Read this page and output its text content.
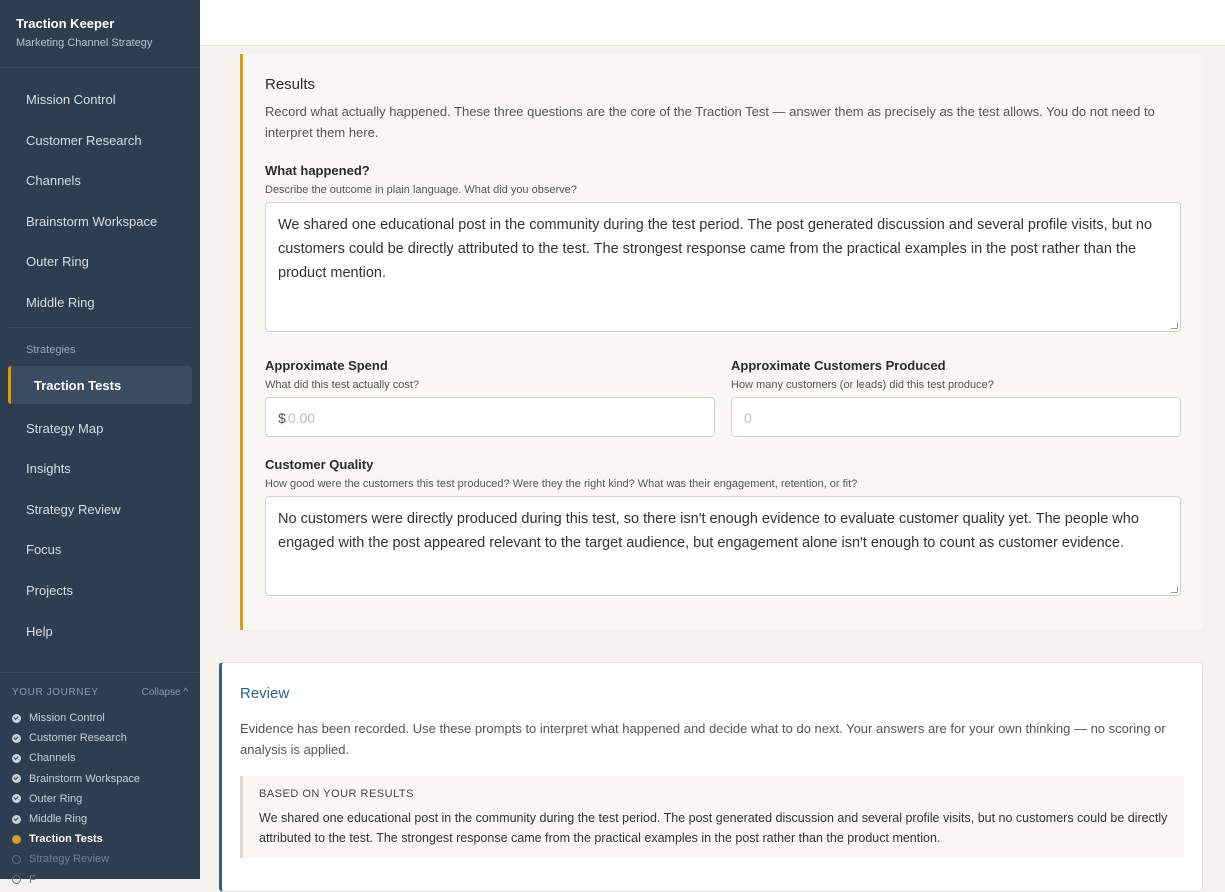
Traction Keeper
Marketing Channel Strategy
Mission Control
Customer Research
Channels
Brainstorm Workspace
Outer Ring
Middle Ring
Strategies
Traction Tests
Strategy Map
Insights
Strategy Review
Focus
Projects
Help
YOUR JOURNEY	Collapse ^
Mission Control
Customer Research
Channels
Brainstorm Workspace
Outer Ring
Middle Ring
Traction Tests
Strategy Review
F
Results
Record what actually happened. These three questions are the core of the Traction Test — answer them as precisely as the test allows. You do not need to interpret them here.
What happened?
Describe the outcome in plain language. What did you observe?
We shared one educational post in the community during the test period. The post generated discussion and several profile visits, but no customers could be directly attributed to the test. The strongest response came from the practical examples in the post rather than the product mention.
Approximate Spend
What did this test actually cost?
$ 0.00
Approximate Customers Produced
How many customers (or leads) did this test produce?
0
Customer Quality
How good were the customers this test produced? Were they the right kind? What was their engagement, retention, or fit?
No customers were directly produced during this test, so there isn't enough evidence to evaluate customer quality yet. The people who engaged with the post appeared relevant to the target audience, but engagement alone isn't enough to count as customer evidence.
Review
Evidence has been recorded. Use these prompts to interpret what happened and decide what to do next. Your answers are for your own thinking — no scoring or analysis is applied.
BASED ON YOUR RESULTS
We shared one educational post in the community during the test period. The post generated discussion and several profile visits, but no customers could be directly attributed to the test. The strongest response came from the practical examples in the post rather than the product mention.
